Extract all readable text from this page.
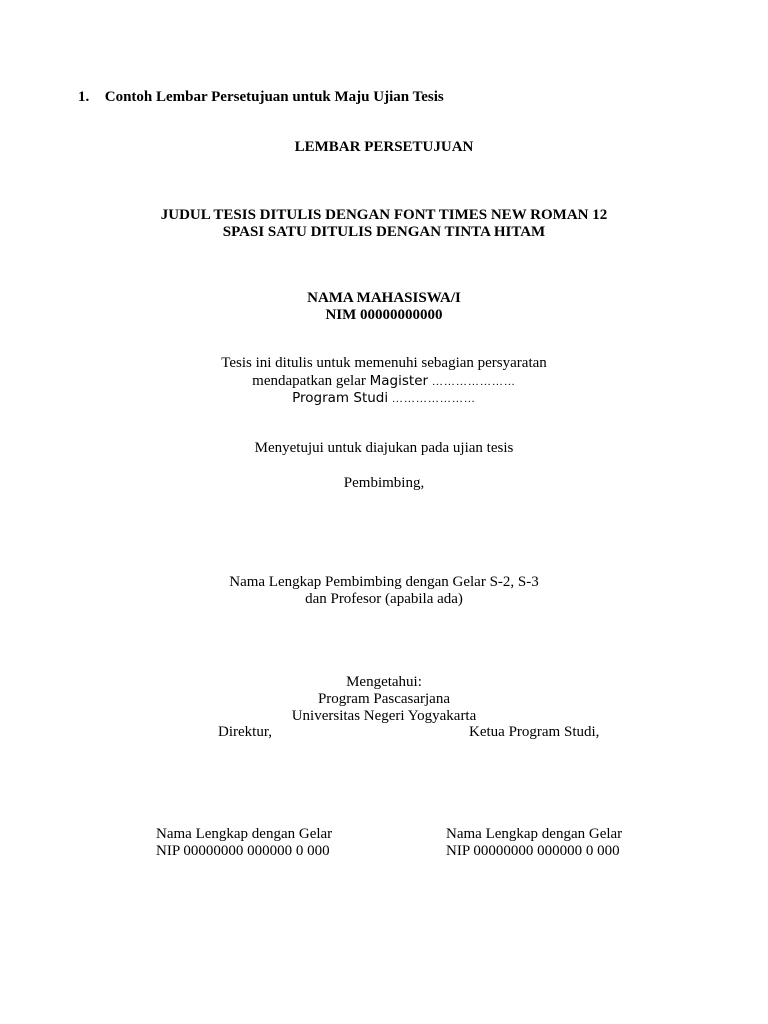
1. Contoh Lembar Persetujuan untuk Maju Ujian Tesis
LEMBAR PERSETUJUAN
JUDUL TESIS DITULIS DENGAN FONT TIMES NEW ROMAN 12
SPASI SATU DITULIS DENGAN TINTA HITAM
NAMA MAHASISWA/I
NIM 00000000000
Tesis ini ditulis untuk memenuhi sebagian persyaratan
mendapatkan gelar Magister …………………
Program Studi …………………
Menyetujui untuk diajukan pada ujian tesis
Pembimbing,
Nama Lengkap Pembimbing dengan Gelar S-2, S-3
dan Profesor (apabila ada)
Mengetahui:
Program Pascasarjana
Universitas Negeri Yogyakarta
Direktur,	Ketua Program Studi,
Nama Lengkap dengan Gelar
NIP 00000000 000000 0 000
Nama Lengkap dengan Gelar
NIP 00000000 000000 0 000
